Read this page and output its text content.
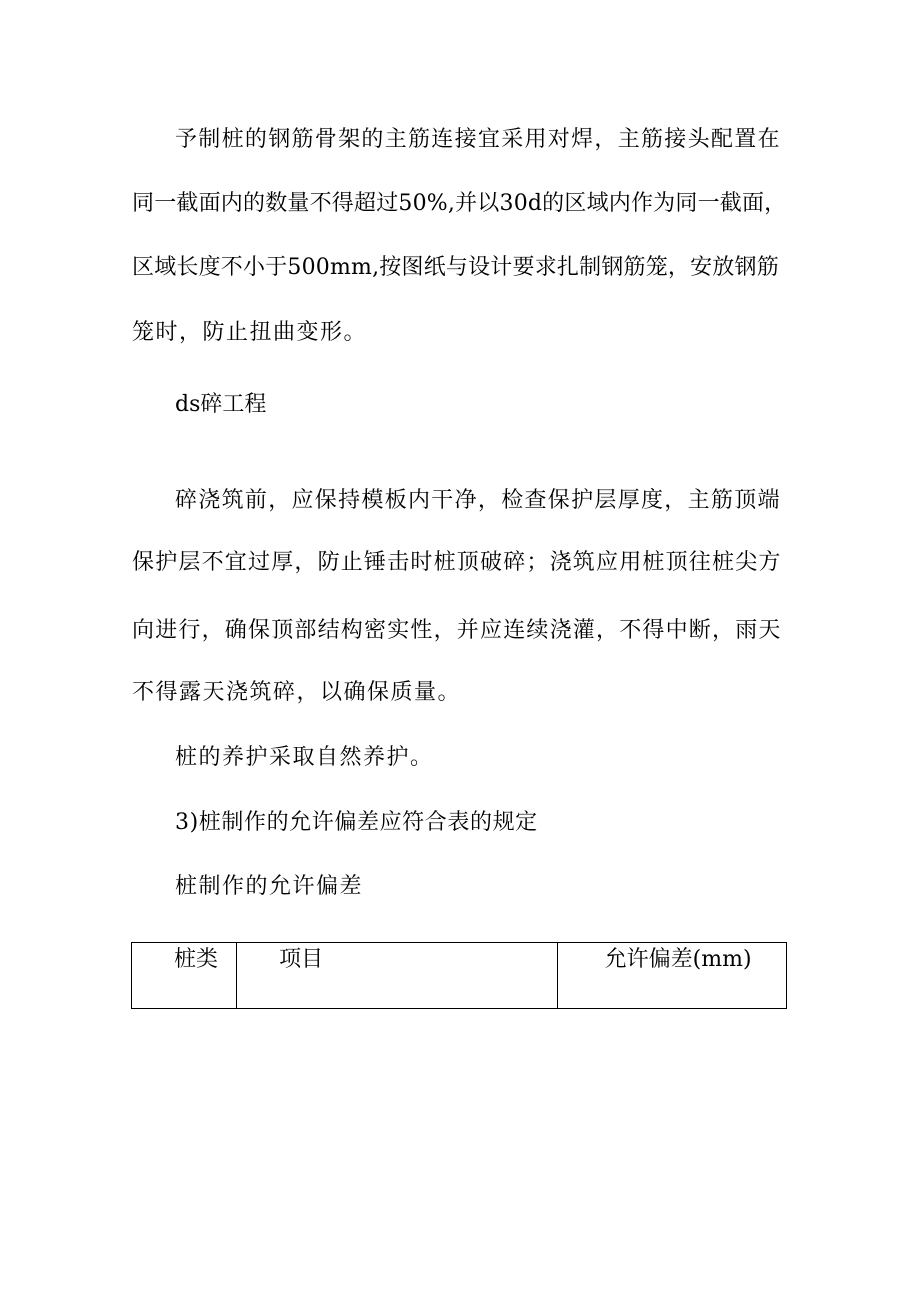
予制桩的钢筋骨架的主筋连接宜采用对焊，主筋接头配置在
同一截面内的数量不得超过50%,并以30d的区域内作为同一截面，
区域长度不小于500mm,按图纸与设计要求扎制钢筋笼，安放钢筋
笼时，防止扭曲变形。
ds碎工程
碎浇筑前，应保持模板内干净，检查保护层厚度，主筋顶端
保护层不宜过厚，防止锤击时桩顶破碎；浇筑应用桩顶往桩尖方
向进行，确保顶部结构密实性，并应连续浇灌，不得中断，雨天
不得露天浇筑碎，以确保质量。
桩的养护采取自然养护。
3)桩制作的允许偏差应符合表的规定
桩制作的允许偏差
桩类	项目	允许偏差(mm)
